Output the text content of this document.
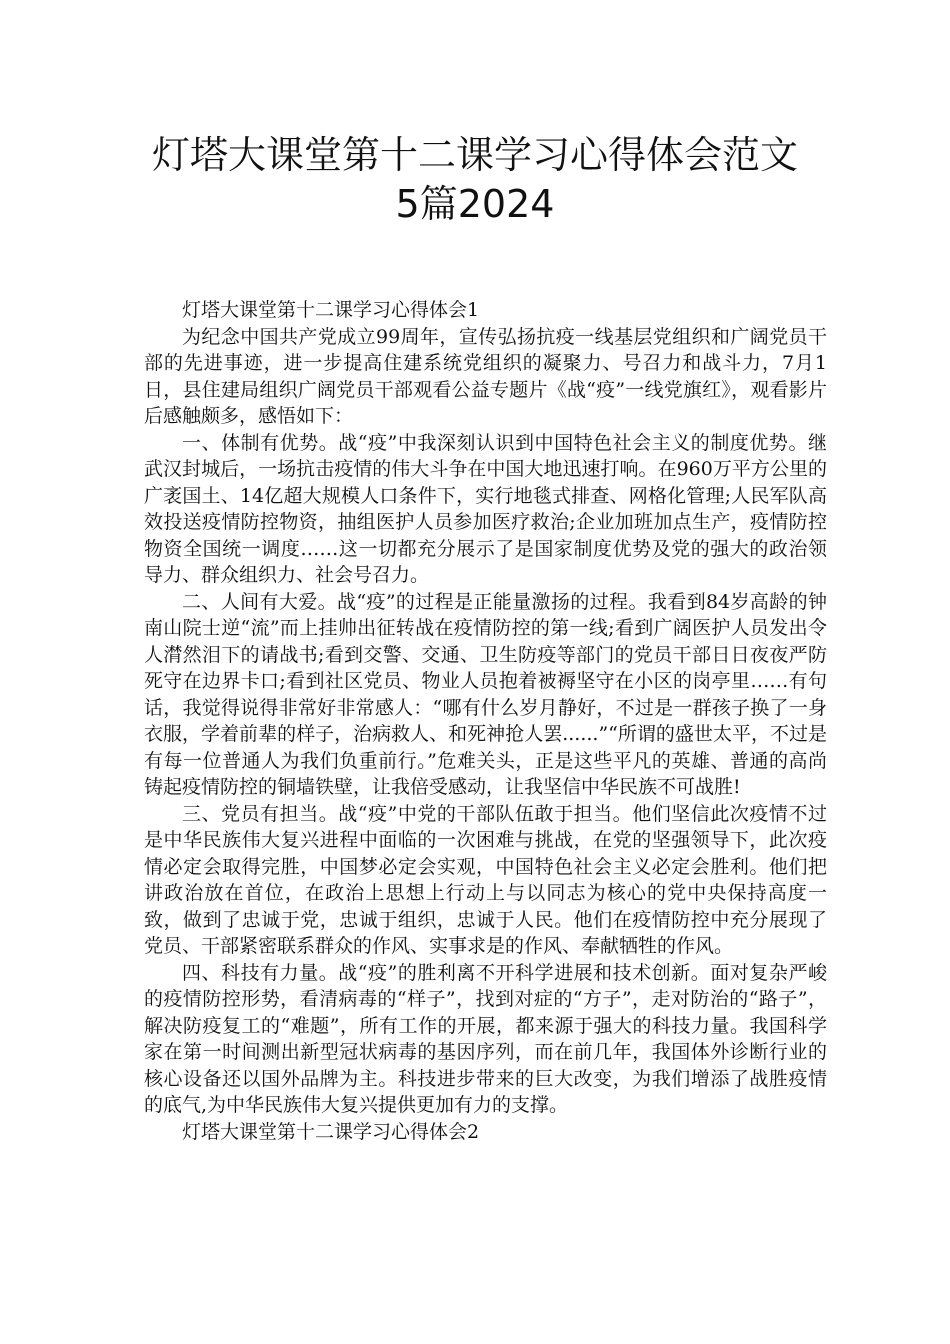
灯塔大课堂第十二课学习心得体会范文
5篇2024

灯塔大课堂第十二课学习心得体会1

为纪念中国共产党成立99周年，宣传弘扬抗疫一线基层党组织和广阔党员干部的先进事迹，进一步提高住建系统党组织的凝聚力、号召力和战斗力，7月1日，县住建局组织广阔党员干部观看公益专题片《战“疫”一线党旗红》，观看影片后感触颇多，感悟如下：

一、体制有优势。战“疫”中我深刻认识到中国特色社会主义的制度优势。继武汉封城后，一场抗击疫情的伟大斗争在中国大地迅速打响。在960万平方公里的广袤国土、14亿超大规模人口条件下，实行地毯式排查、网格化管理;人民军队高效投送疫情防控物资，抽组医护人员参加医疗救治;企业加班加点生产，疫情防控物资全国统一调度……这一切都充分展示了是国家制度优势及党的强大的政治领导力、群众组织力、社会号召力。

二、人间有大爱。战“疫”的过程是正能量激扬的过程。我看到84岁高龄的钟南山院士逆“流”而上挂帅出征转战在疫情防控的第一线;看到广阔医护人员发出令人潸然泪下的请战书;看到交警、交通、卫生防疫等部门的党员干部日日夜夜严防死守在边界卡口;看到社区党员、物业人员抱着被褥坚守在小区的岗亭里……有句话，我觉得说得非常好非常感人：“哪有什么岁月静好，不过是一群孩子换了一身衣服，学着前辈的样子，治病救人、和死神抢人罢......”“所谓的盛世太平，不过是有每一位普通人为我们负重前行。”危难关头，正是这些平凡的英雄、普通的高尚铸起疫情防控的铜墙铁壁，让我倍受感动，让我坚信中华民族不可战胜!

三、党员有担当。战“疫”中党的干部队伍敢于担当。他们坚信此次疫情不过是中华民族伟大复兴进程中面临的一次困难与挑战，在党的坚强领导下，此次疫情必定会取得完胜，中国梦必定会实观，中国特色社会主义必定会胜利。他们把讲政治放在首位，在政治上思想上行动上与以同志为核心的党中央保持高度一致，做到了忠诚于党，忠诚于组织，忠诚于人民。他们在疫情防控中充分展现了党员、干部紧密联系群众的作风、实事求是的作风、奉献牺牲的作风。

四、科技有力量。战“疫”的胜利离不开科学进展和技术创新。面对复杂严峻的疫情防控形势，看清病毒的“样子”，找到对症的“方子”，走对防治的“路子”，解决防疫复工的“难题”，所有工作的开展，都来源于强大的科技力量。我国科学家在第一时间测出新型冠状病毒的基因序列，而在前几年，我国体外诊断行业的核心设备还以国外品牌为主。科技进步带来的巨大改变，为我们增添了战胜疫情的底气,为中华民族伟大复兴提供更加有力的支撑。

灯塔大课堂第十二课学习心得体会2
